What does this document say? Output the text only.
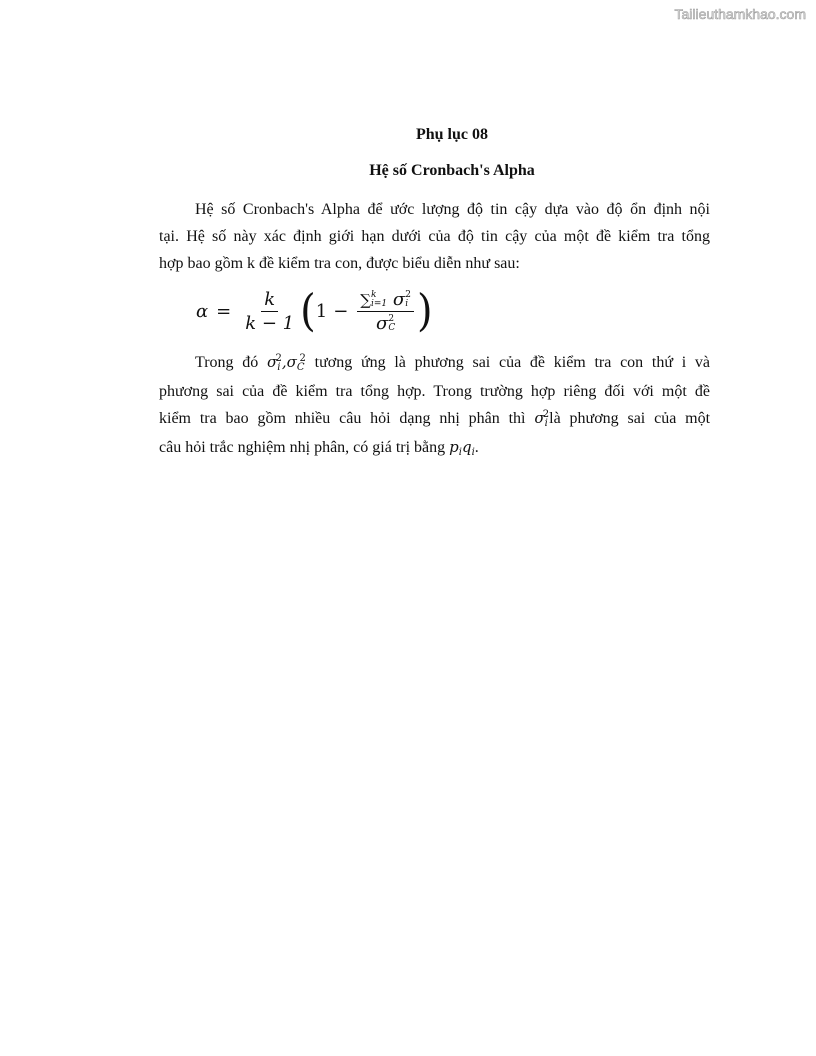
Tailieuthamkhao.com
Phụ lục 08
Hệ số Cronbach's Alpha
Hệ số Cronbach's Alpha để ước lượng độ tin cậy dựa vào độ ổn định nội
tại. Hệ số này xác định giới hạn dưới của độ tin cậy của một đề kiểm tra tổng
hợp bao gồm k đề kiểm tra con, được biểu diễn như sau:
$\alpha = \frac{k}{k - 1}$ ( 1 − ∑ k
i=1 σ 2
i
σ 2
C )
Trong đó $\sigma_i^2,\sigma_C^2$ tương ứng là phương sai của đề kiểm tra con thứ i và
phương sai của đề kiểm tra tổng hợp. Trong trường hợp riêng đối với một đề
kiểm tra bao gồm nhiều câu hỏi dạng nhị phân thì $\sigma_i^2là$ phương sai của một
câu hỏi trắc nghiệm nhị phân, có giá trị bằng $p_iq_i$.
